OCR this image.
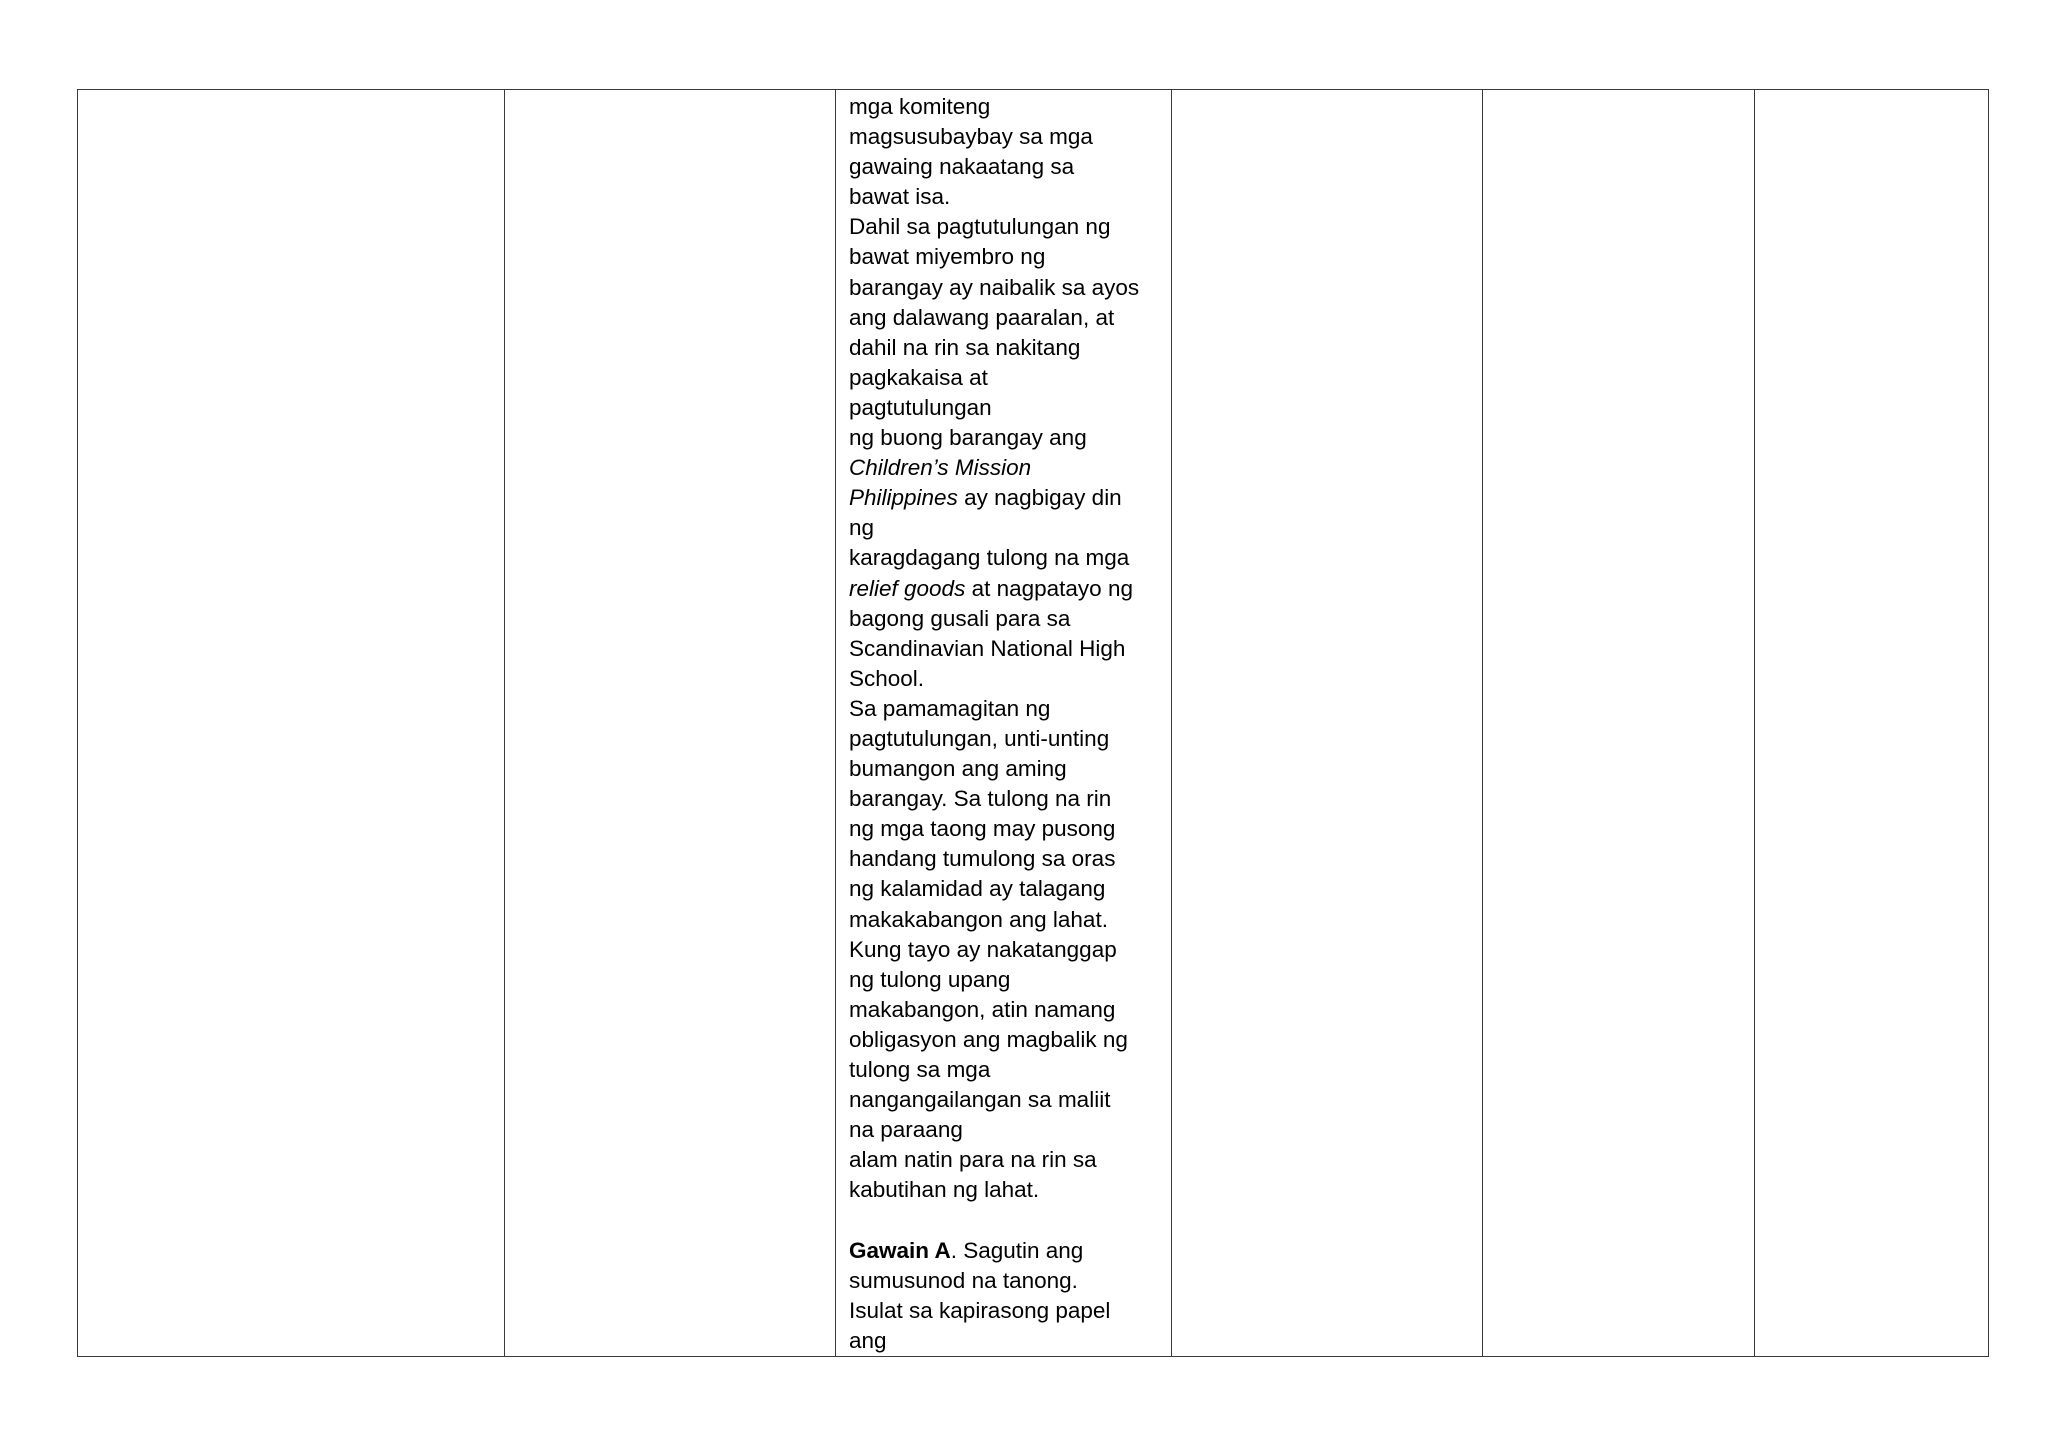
mga komiteng
magsusubaybay sa mga
gawaing nakaatang sa
bawat isa.
Dahil sa pagtutulungan ng
bawat miyembro ng
barangay ay naibalik sa ayos
ang dalawang paaralan, at
dahil na rin sa nakitang
pagkakaisa at
pagtutulungan
ng buong barangay ang
Children’s Mission
Philippines ay nagbigay din
ng
karagdagang tulong na mga
relief goods at nagpatayo ng
bagong gusali para sa
Scandinavian National High
School.
Sa pamamagitan ng
pagtutulungan, unti-unting
bumangon ang aming
barangay. Sa tulong na rin
ng mga taong may pusong
handang tumulong sa oras
ng kalamidad ay talagang
makakabangon ang lahat.
Kung tayo ay nakatanggap
ng tulong upang
makabangon, atin namang
obligasyon ang magbalik ng
tulong sa mga
nangangailangan sa maliit
na paraang
alam natin para na rin sa
kabutihan ng lahat.
Gawain A. Sagutin ang
sumusunod na tanong.
Isulat sa kapirasong papel
ang
